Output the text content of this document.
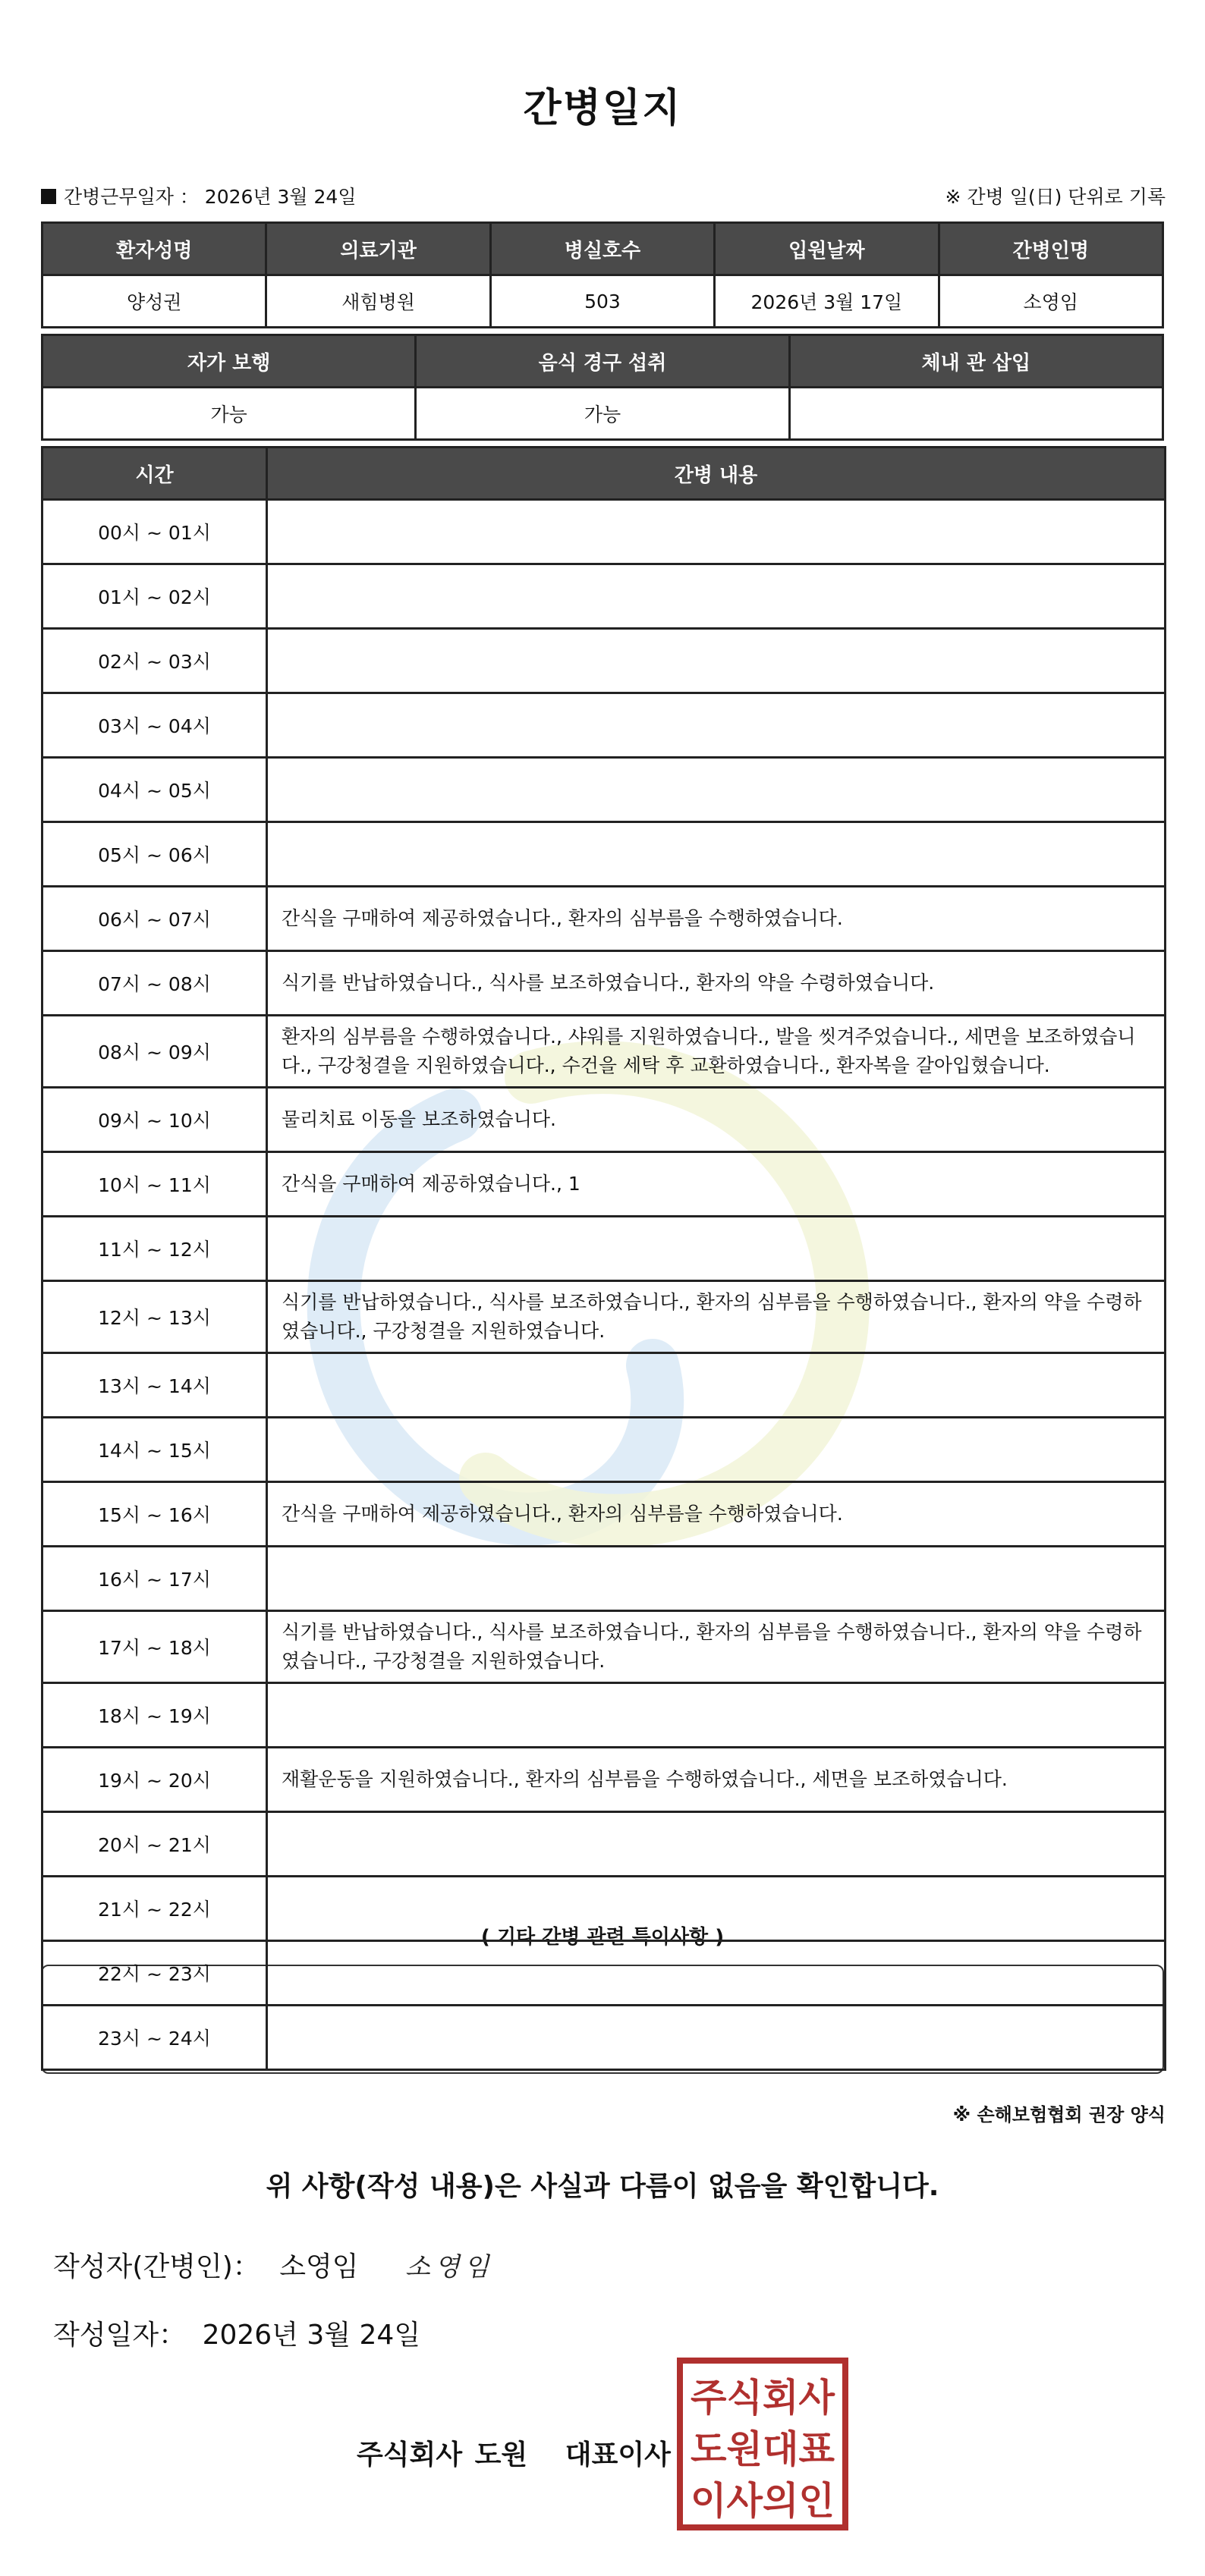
간병일지
간병근무일자 ： 2026년 3월 24일	※ 간병 일(日) 단위로 기록
환자성명	의료기관	병실호수	입원날짜	간병인명
양성권	새힘병원	503	2026년 3월 17일	소영임
자가 보행	음식 경구 섭취	체내 관 삽입
가능	가능	
시간	간병 내용
00시 ~ 01시	
01시 ~ 02시	
02시 ~ 03시	
03시 ~ 04시	
04시 ~ 05시	
05시 ~ 06시	
06시 ~ 07시	간식을 구매하여 제공하였습니다., 환자의 심부름을 수행하였습니다.
07시 ~ 08시	식기를 반납하였습니다., 식사를 보조하였습니다., 환자의 약을 수령하였습니다.
08시 ~ 09시	환자의 심부름을 수행하였습니다., 샤워를 지원하였습니다., 발을 씻겨주었습니다., 세면을 보조하였습니다., 구강청결을 지원하였습니다., 수건을 세탁 후 교환하였습니다., 환자복을 갈아입혔습니다.
09시 ~ 10시	물리치료 이동을 보조하였습니다.
10시 ~ 11시	간식을 구매하여 제공하였습니다., 1
11시 ~ 12시	
12시 ~ 13시	식기를 반납하였습니다., 식사를 보조하였습니다., 환자의 심부름을 수행하였습니다., 환자의 약을 수령하였습니다., 구강청결을 지원하였습니다.
13시 ~ 14시	
14시 ~ 15시	
15시 ~ 16시	간식을 구매하여 제공하였습니다., 환자의 심부름을 수행하였습니다.
16시 ~ 17시	
17시 ~ 18시	식기를 반납하였습니다., 식사를 보조하였습니다., 환자의 심부름을 수행하였습니다., 환자의 약을 수령하였습니다., 구강청결을 지원하였습니다.
18시 ~ 19시	
19시 ~ 20시	재활운동을 지원하였습니다., 환자의 심부름을 수행하였습니다., 세면을 보조하였습니다.
20시 ~ 21시	
21시 ~ 22시	
22시 ~ 23시	
23시 ~ 24시	
( 기타 간병 관련 특이사항 )
※ 손해보험협회 권장 양식
위 사항(작성 내용)은 사실과 다름이 없음을 확인합니다.
작성자(간병인)： 소영임 소영임
작성일자： 2026년 3월 24일
주식회사 도원   대표이사
주식회사
도원대표
이사의인
